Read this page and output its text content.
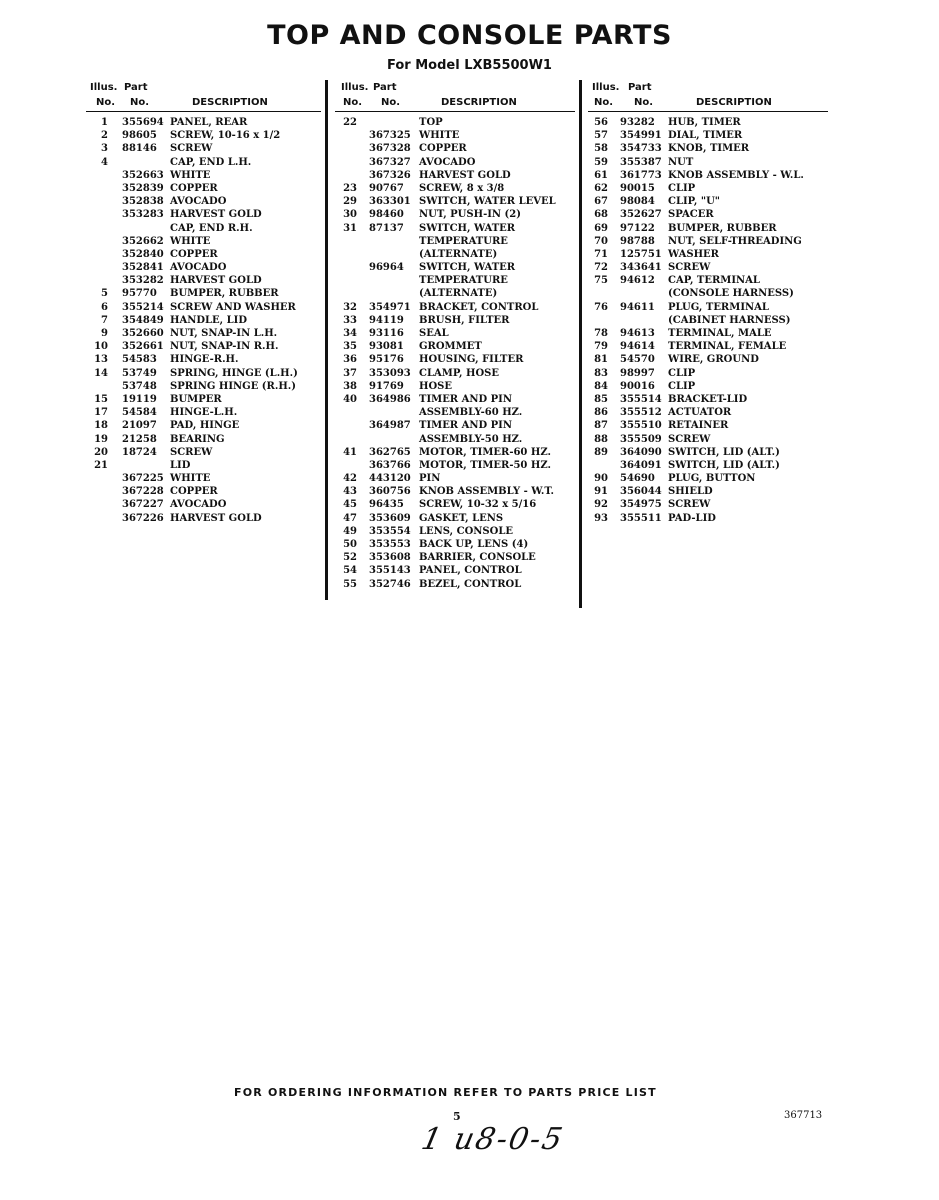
TOP AND CONSOLE PARTS

For Model LXB5500W1

Illus. Part
No. No.	DESCRIPTION
1 355694 PANEL, REAR
2 98605 SCREW, 10-16 x 1/2
3 88146 SCREW
4	CAP, END L.H.
352663 WHITE
352839 COPPER
352838 AVOCADO
353283 HARVEST GOLD
CAP, END R.H.
352662 WHITE
352840 COPPER
352841 AVOCADO
353282 HARVEST GOLD
5 95770 BUMPER, RUBBER
6 355214 SCREW AND WASHER
7 354849 HANDLE, LID
9 352660 NUT, SNAP-IN L.H.
10 352661 NUT, SNAP-IN R.H.
13 54583 HINGE-R.H.
14 53749 SPRING, HINGE (L.H.)
53748 SPRING HINGE (R.H.)
15 19119 BUMPER
17 54584 HINGE-L.H.
18 21097 PAD, HINGE
19 21258 BEARING
20 18724 SCREW
21	LID
367225 WHITE
367228 COPPER
367227 AVOCADO
367226 HARVEST GOLD
Illus. Part
No. No.	DESCRIPTION
22	TOP
367325 WHITE
367328 COPPER
367327 AVOCADO
367326 HARVEST GOLD
23 90767 SCREW, 8 x 3/8
29 363301 SWITCH, WATER LEVEL
30 98460 NUT, PUSH-IN (2)
31 87137 SWITCH, WATER
TEMPERATURE
(ALTERNATE)
96964 SWITCH, WATER
TEMPERATURE
(ALTERNATE)
32 354971 BRACKET, CONTROL
33 94119 BRUSH, FILTER
34 93116 SEAL
35 93081 GROMMET
36 95176 HOUSING, FILTER
37 353093 CLAMP, HOSE
38 91769 HOSE
40 364986 TIMER AND PIN
ASSEMBLY-60 HZ.
364987 TIMER AND PIN
ASSEMBLY-50 HZ.
41 362765 MOTOR, TIMER-60 HZ.
363766 MOTOR, TIMER-50 HZ.
42 443120 PIN
43 360756 KNOB ASSEMBLY - W.T.
45 96435 SCREW, 10-32 x 5/16
47 353609 GASKET, LENS
49 353554 LENS, CONSOLE
50 353553 BACK UP, LENS (4)
52 353608 BARRIER, CONSOLE
54 355143 PANEL, CONTROL
55 352746 BEZEL, CONTROL
Illus. Part
No. No.	DESCRIPTION
56 93282 HUB, TIMER
57 354991 DIAL, TIMER
58 354733 KNOB, TIMER
59 355387 NUT
61 361773 KNOB ASSEMBLY - W.L.
62 90015 CLIP
67 98084 CLIP, "U"
68 352627 SPACER
69 97122 BUMPER, RUBBER
70 98788 NUT, SELF-THREADING
71 125751 WASHER
72 343641 SCREW
75 94612 CAP, TERMINAL
(CONSOLE HARNESS)
76 94611 PLUG, TERMINAL
(CABINET HARNESS)
78 94613 TERMINAL, MALE
79 94614 TERMINAL, FEMALE
81 54570 WIRE, GROUND
83 98997 CLIP
84 90016 CLIP
85 355514 BRACKET-LID
86 355512 ACTUATOR
87 355510 RETAINER
88 355509 SCREW
89 364090 SWITCH, LID (ALT.)
364091 SWITCH, LID (ALT.)
90 54690 PLUG, BUTTON
91 356044 SHIELD
92 354975 SCREW
93 355511 PAD-LID

FOR ORDERING INFORMATION REFER TO PARTS PRICE LIST

5	367713
1 u8-0-5
